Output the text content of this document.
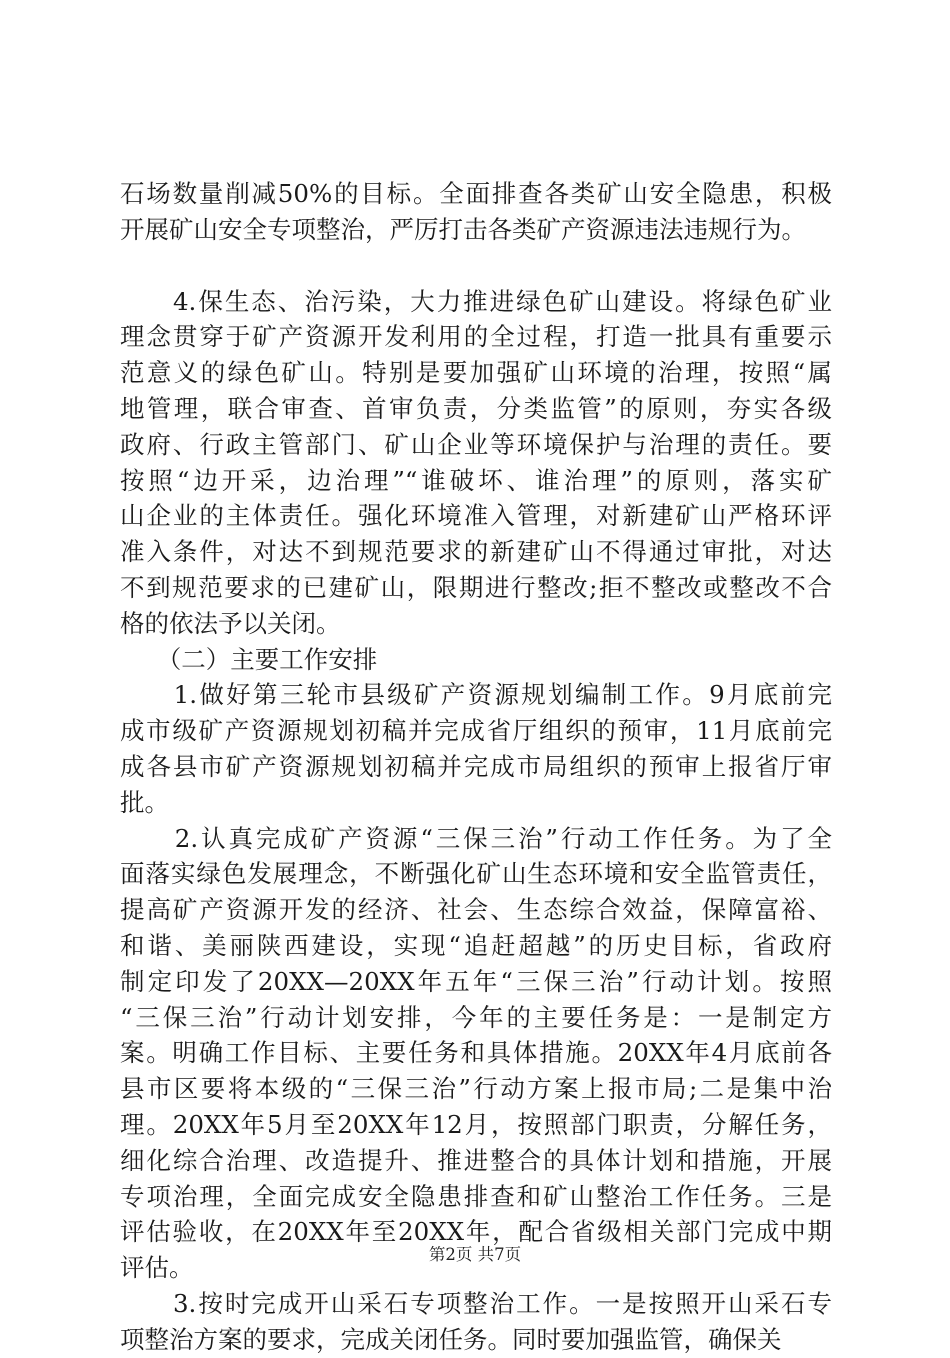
石场数量削减50%的目标。全面排查各类矿山安全隐患，积极
开展矿山安全专项整治，严厉打击各类矿产资源违法违规行为。

　　4.保生态、治污染，大力推进绿色矿山建设。将绿色矿业
理念贯穿于矿产资源开发利用的全过程，打造一批具有重要示
范意义的绿色矿山。特别是要加强矿山环境的治理，按照“属
地管理，联合审查、首审负责，分类监管”的原则，夯实各级
政府、行政主管部门、矿山企业等环境保护与治理的责任。要
按照“边开采，边治理”“谁破坏、谁治理”的原则，落实矿
山企业的主体责任。强化环境准入管理，对新建矿山严格环评
准入条件，对达不到规范要求的新建矿山不得通过审批，对达
不到规范要求的已建矿山，限期进行整改;拒不整改或整改不合
格的依法予以关闭。

　　（二）主要工作安排

　　1.做好第三轮市县级矿产资源规划编制工作。9月底前完
成市级矿产资源规划初稿并完成省厅组织的预审，11月底前完
成各县市矿产资源规划初稿并完成市局组织的预审上报省厅审
批。

　　2.认真完成矿产资源“三保三治”行动工作任务。为了全
面落实绿色发展理念，不断强化矿山生态环境和安全监管责任，
提高矿产资源开发的经济、社会、生态综合效益，保障富裕、
和谐、美丽陕西建设，实现“追赶超越”的历史目标，省政府
制定印发了20XX—20XX年五年“三保三治”行动计划。按照
“三保三治”行动计划安排，今年的主要任务是：一是制定方
案。明确工作目标、主要任务和具体措施。20XX年4月底前各
县市区要将本级的“三保三治”行动方案上报市局;二是集中治
理。20XX年5月至20XX年12月，按照部门职责，分解任务，
细化综合治理、改造提升、推进整合的具体计划和措施，开展
专项治理，全面完成安全隐患排查和矿山整治工作任务。三是
评估验收，在20XX年至20XX年，配合省级相关部门完成中期
评估。

　　3.按时完成开山采石专项整治工作。一是按照开山采石专
项整治方案的要求，完成关闭任务。同时要加强监管，确保关

第2页 共7页
